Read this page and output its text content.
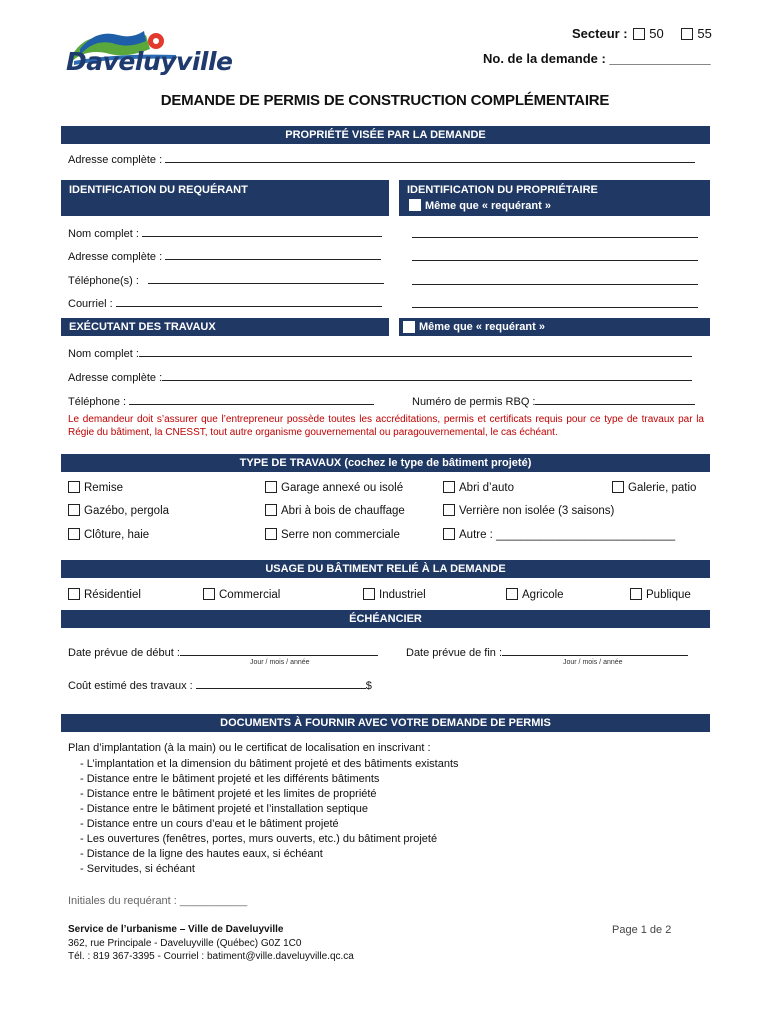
Daveluyville
Secteur : 50	55
No. de la demande : ______________
DEMANDE DE PERMIS DE CONSTRUCTION COMPLÉMENTAIRE
PROPRIÉTÉ VISÉE PAR LA DEMANDE
Adresse complète :
IDENTIFICATION DU REQUÉRANT	IDENTIFICATION DU PROPRIÉTAIRE
Même que « requérant »
Nom complet :
Adresse complète :
Téléphone(s) :
Courriel :
EXÉCUTANT DES TRAVAUX	Même que « requérant »
Nom complet :
Adresse complète :
Téléphone :	Numéro de permis RBQ :
Le demandeur doit s’assurer que l’entrepreneur possède toutes les accréditations, permis et certificats requis pour ce type de travaux par la Régie du bâtiment, la CNESST, tout autre organisme gouvernemental ou paragouvernemental, le cas échéant.
TYPE DE TRAVAUX (cochez le type de bâtiment projeté)
Remise	Garage annexé ou isolé	Abri d’auto	Galerie, patio
Gazébo, pergola	Abri à bois de chauffage	Verrière non isolée (3 saisons)
Clôture, haie	Serre non commerciale	Autre : ____________________________
USAGE DU BÂTIMENT RELIÉ À LA DEMANDE
Résidentiel	Commercial	Industriel	Agricole	Publique
ÉCHÉANCIER
Date prévue de début :
Jour / mois / année
Date prévue de fin :
Jour / mois / année
Coût estimé des travaux :	$
DOCUMENTS À FOURNIR AVEC VOTRE DEMANDE DE PERMIS
Plan d’implantation (à la main) ou le certificat de localisation en inscrivant :
- L’implantation et la dimension du bâtiment projeté et des bâtiments existants
- Distance entre le bâtiment projeté et les différents bâtiments
- Distance entre le bâtiment projeté et les limites de propriété
- Distance entre le bâtiment projeté et l’installation septique
- Distance entre un cours d’eau et le bâtiment projeté
- Les ouvertures (fenêtres, portes, murs ouverts, etc.) du bâtiment projeté
- Distance de la ligne des hautes eaux, si échéant
- Servitudes, si échéant
Initiales du requérant : ___________
Service de l’urbanisme – Ville de Daveluyville
362, rue Principale - Daveluyville (Québec) G0Z 1C0
Tél. : 819 367-3395 - Courriel : batiment@ville.daveluyville.qc.ca
Page 1 de 2
